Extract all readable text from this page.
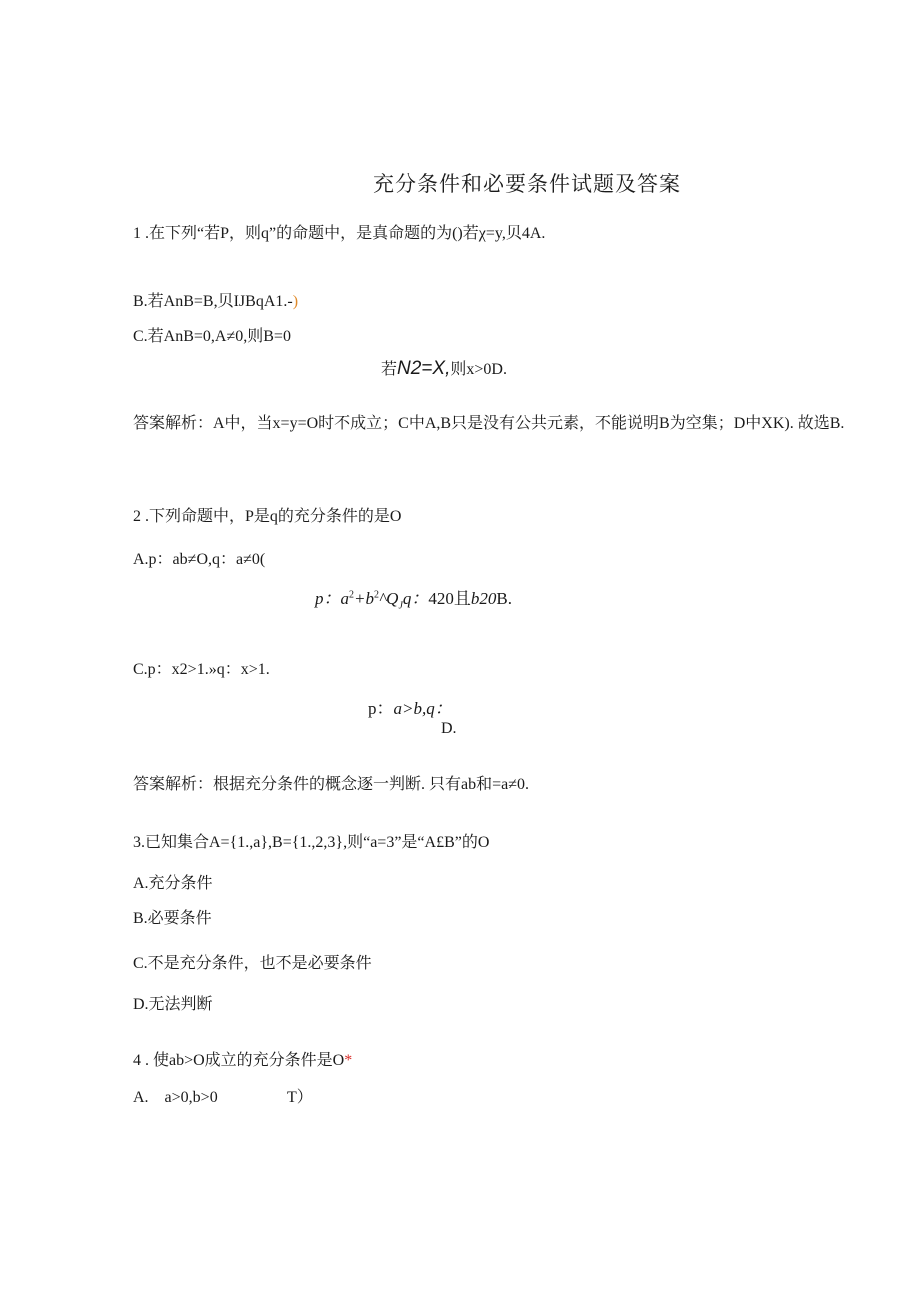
充分条件和必要条件试题及答案
1 .在下列“若P，则q”的命题中，是真命题的为()若χ=y,贝4A.
B.若AnB=B,贝IJBqA1.-)
C.若AnB=0,A≠0,则B=0
若N2=X,则x>0D.
答案解析：A中，当x=y=O时不成立；C中A,B只是没有公共元素，不能说明B为空集；D中XK). 故选B.
2 .下列命题中，P是q的充分条件的是O
A.p：ab≠O,q：a≠0(
p：$a^2+b^2\^{}Q_Jq$：420且b20B.
C.p：x2>1.»q：x>1.
p：a>b,q：
D.
答案解析：根据充分条件的概念逐一判断. 只有ab和=a≠0.
3.已知集合A={1.,a},B={1.,2,3},则“a=3”是“A£B”的O
A.充分条件
B.必要条件
C.不是充分条件，也不是必要条件
D.无法判断
4 . 使ab>O成立的充分条件是O*
A.    a>0,b>0	T）
